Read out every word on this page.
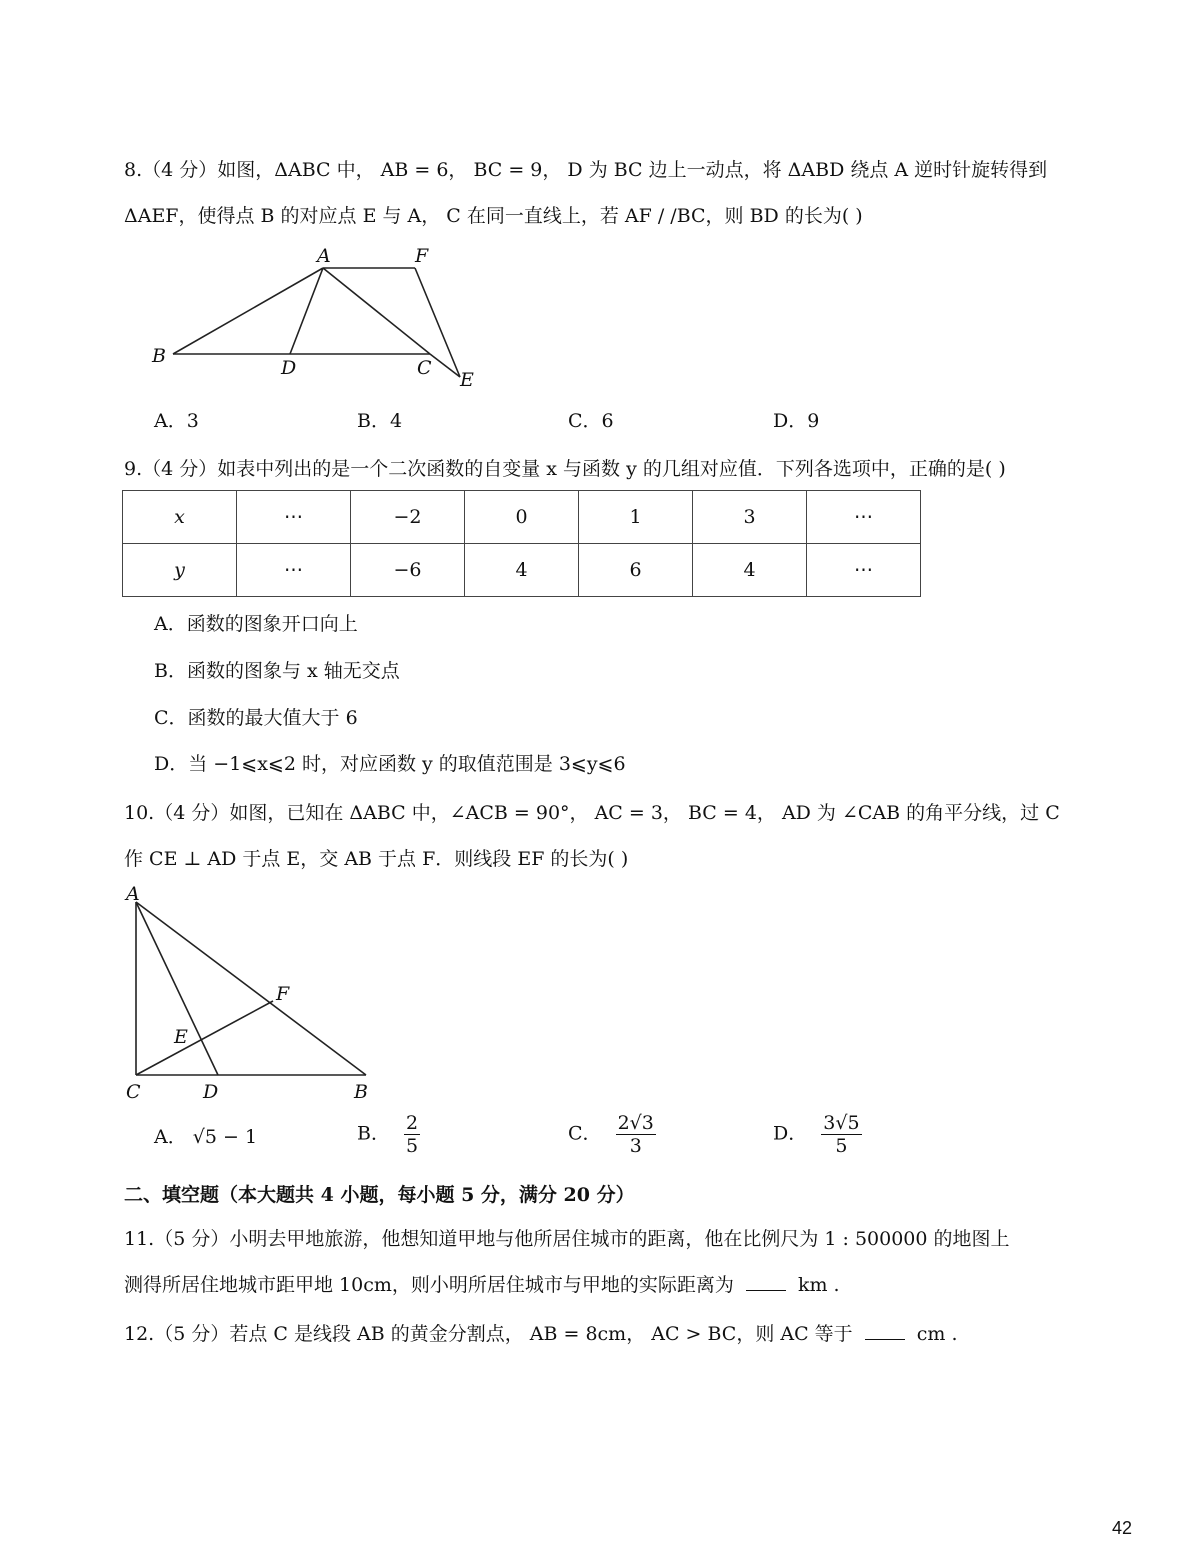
8.（4 分）如图，ΔABC 中， AB = 6， BC = 9， D 为 BC 边上一动点，将 ΔABD 绕点 A 逆时针旋转得到
ΔAEF，使得点 B 的对应点 E 与 A， C 在同一直线上，若 AF / /BC，则 BD 的长为( )
A	F
B
D	C
E
A．3	B．4	C．6	D．9
9.（4 分）如表中列出的是一个二次函数的自变量 x 与函数 y 的几组对应值．下列各选项中，正确的是( )
x	⋯	−2	0	1	3	⋯
y	⋯	−6	4	6	4	⋯
A．函数的图象开口向上
B．函数的图象与 x 轴无交点
C．函数的最大值大于 6
D．当 −1⩽x⩽2 时，对应函数 y 的取值范围是 3⩽y⩽6
10.（4 分）如图，已知在 ΔABC 中，∠ACB = 90°， AC = 3， BC = 4， AD 为 ∠CAB 的角平分线，过 C
作 CE ⊥ AD 于点 E，交 AB 于点 F．则线段 EF 的长为( )
A
F
E
C	D	B
A． √5 − 1	B． $\frac{2}{5}$	C． $\frac{2√3}{3}$	D． $\frac{3√5}{5}$
二、填空题（本大题共 4 小题，每小题 5 分，满分 20 分）
11.（5 分）小明去甲地旅游，他想知道甲地与他所居住城市的距离，他在比例尺为 1 : 500000 的地图上
测得所居住地城市距甲地 10cm，则小明所居住城市与甲地的实际距离为	km .
12.（5 分）若点 C 是线段 AB 的黄金分割点， AB = 8cm， AC > BC，则 AC 等于	cm .
42
